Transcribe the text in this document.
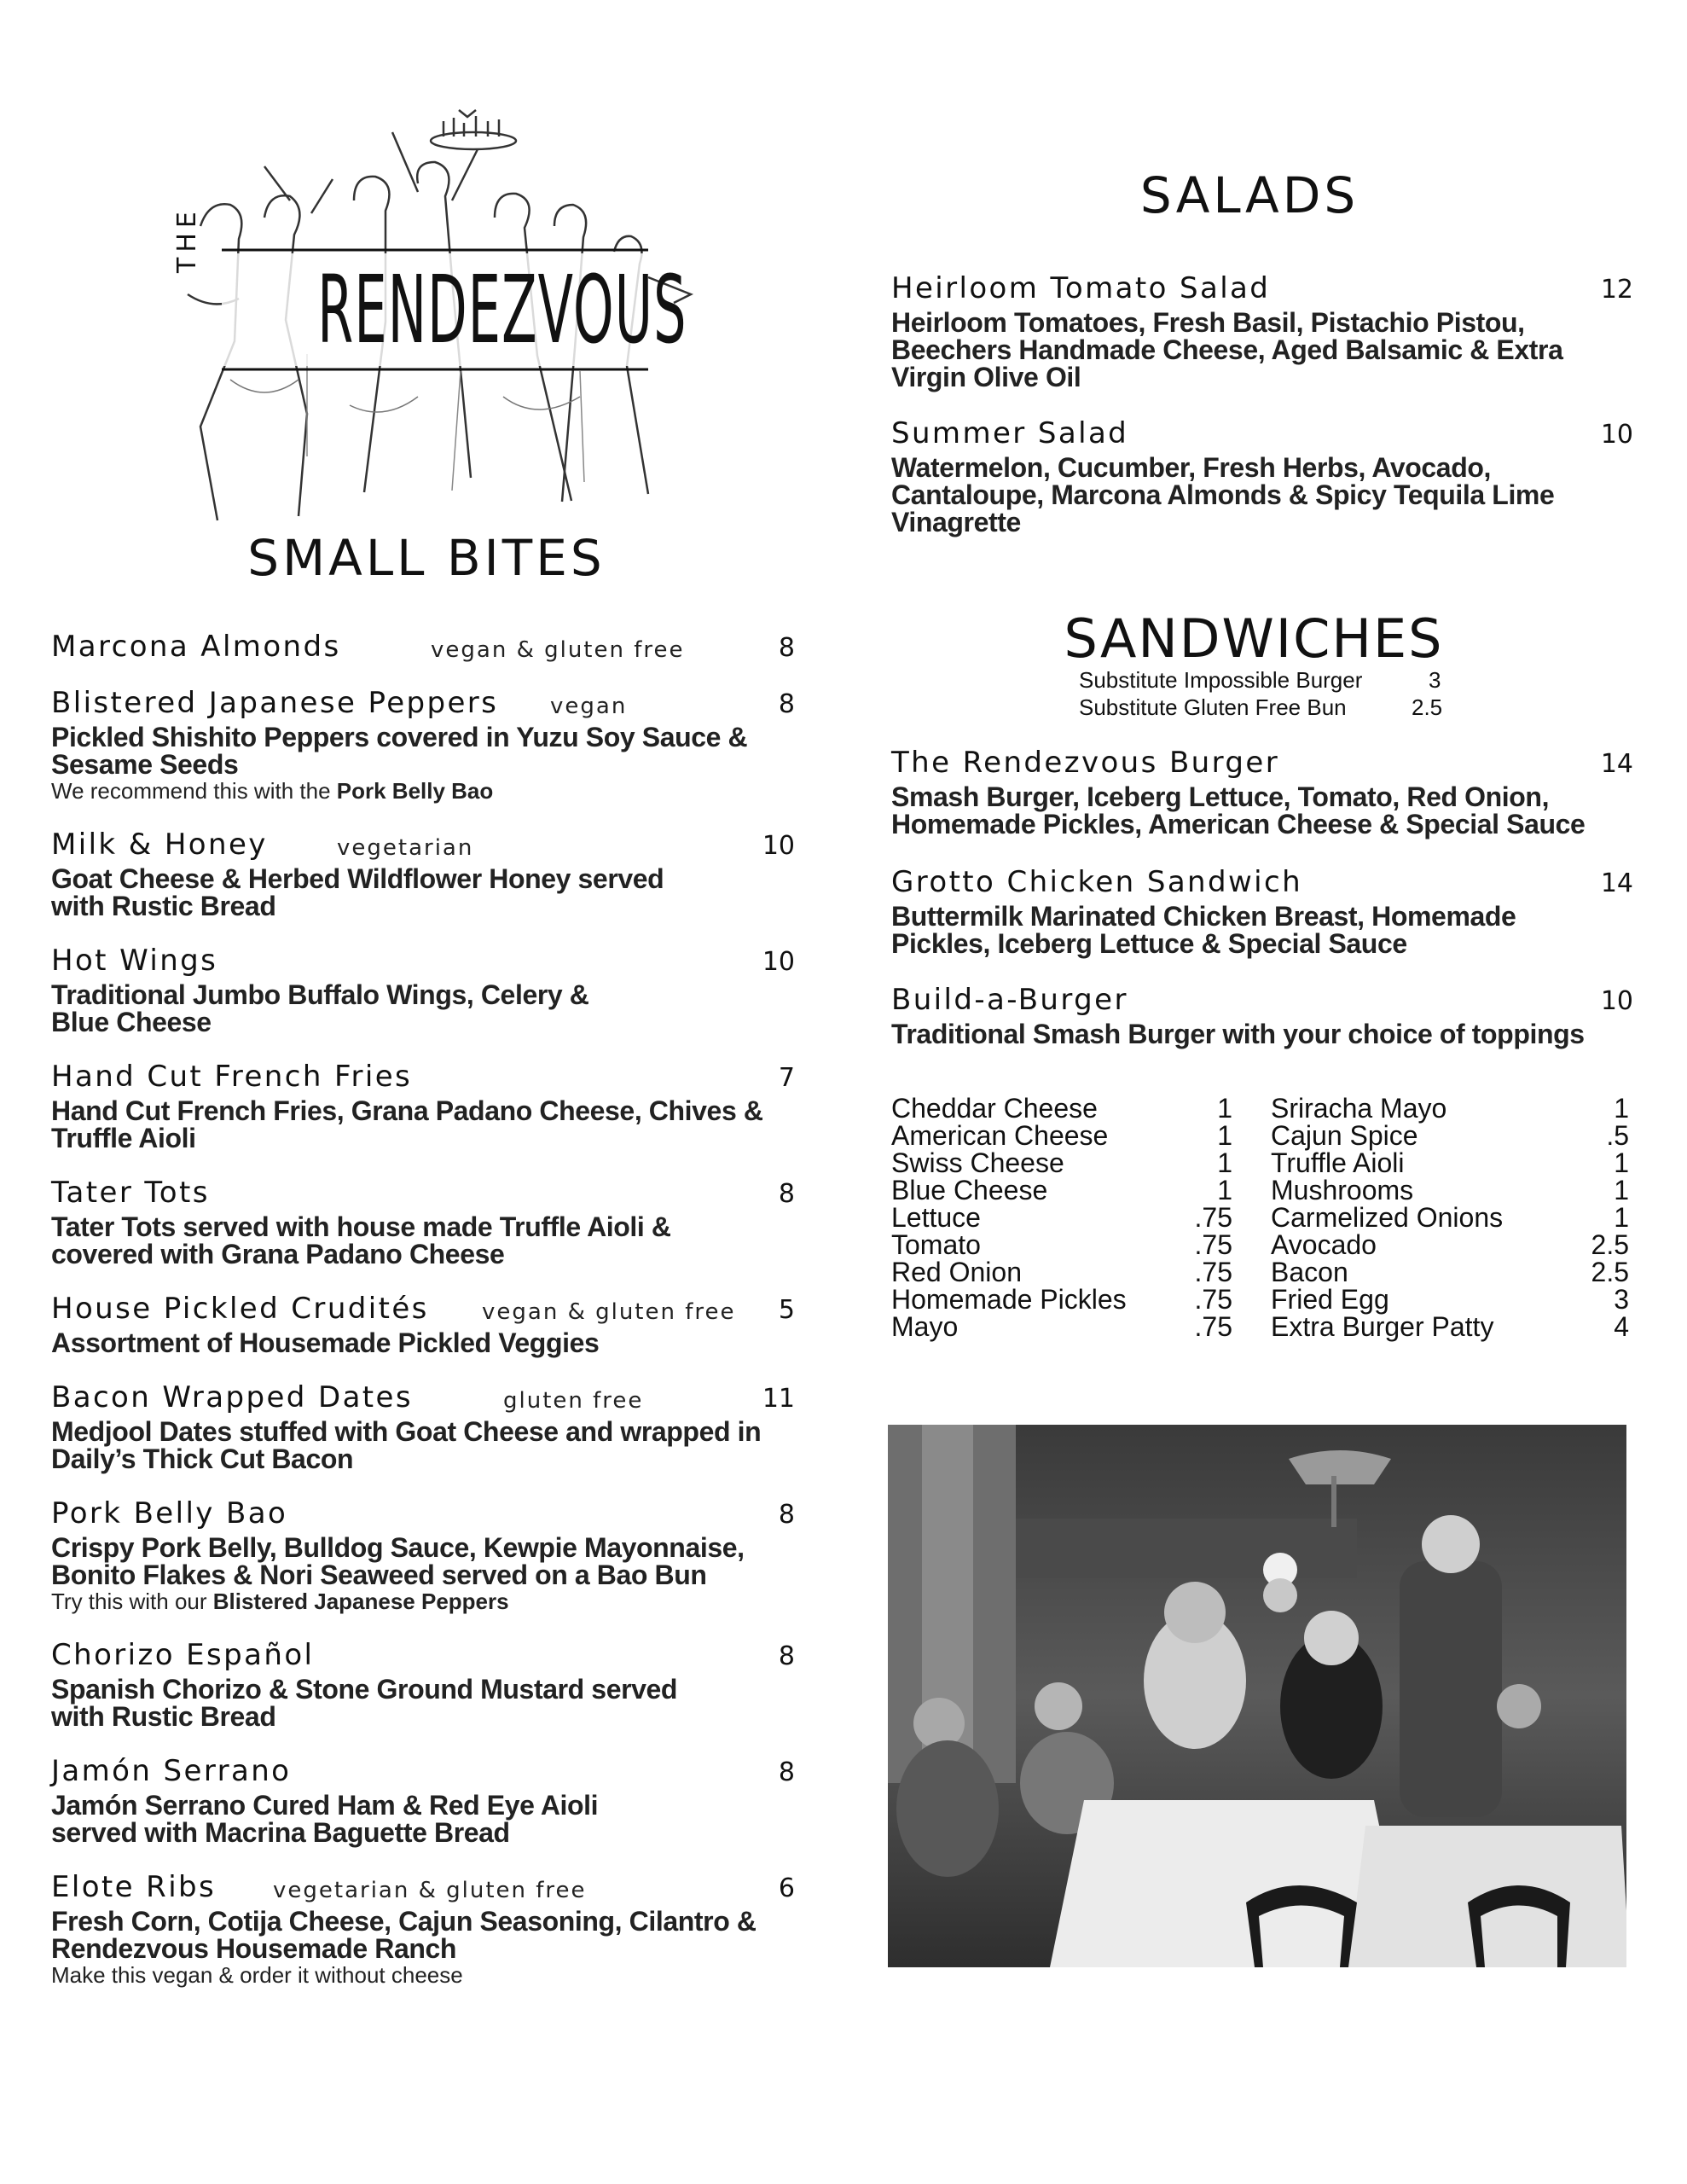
THE
RENDEZVOUS
SMALL BITES
SALADS
SANDWICHES
Substitute Impossible Burger	3
Substitute Gluten Free Bun	2.5
Marcona Almonds	vegan & gluten free	8
Blistered Japanese Peppers vegan	8
Pickled Shishito Peppers covered in Yuzu Soy Sauce & Sesame Seeds
We recommend this with the Pork Belly Bao
Milk & Honey	vegetarian	10
Goat Cheese & Herbed Wildflower Honey served with Rustic Bread
Hot Wings	10
Traditional Jumbo Buffalo Wings, Celery & Blue Cheese
Hand Cut French Fries	7
Hand Cut French Fries, Grana Padano Cheese, Chives & Truffle Aioli
Tater Tots	8
Tater Tots served with house made Truffle Aioli & covered with Grana Padano Cheese
House Pickled Crudités vegan & gluten free 5
Assortment of Housemade Pickled Veggies
Bacon Wrapped Dates	gluten free	11
Medjool Dates stuffed with Goat Cheese and wrapped in Daily’s Thick Cut Bacon
Pork Belly Bao	8
Crispy Pork Belly, Bulldog Sauce, Kewpie Mayonnaise, Bonito Flakes & Nori Seaweed served on a Bao Bun
Try this with our Blistered Japanese Peppers
Chorizo Español	8
Spanish Chorizo & Stone Ground Mustard served with Rustic Bread
Jamón Serrano	8
Jamón Serrano Cured Ham & Red Eye Aioli served with Macrina Baguette Bread
Elote Ribs	vegetarian & gluten free	6
Fresh Corn, Cotija Cheese, Cajun Seasoning, Cilantro & Rendezvous Housemade Ranch
Make this vegan & order it without cheese
Heirloom Tomato Salad	12
Heirloom Tomatoes, Fresh Basil, Pistachio Pistou, Beechers Handmade Cheese, Aged Balsamic & Extra Virgin Olive Oil
Summer Salad	10
Watermelon, Cucumber, Fresh Herbs, Avocado, Cantaloupe, Marcona Almonds & Spicy Tequila Lime Vinagrette
The Rendezvous Burger	14
Smash Burger, Iceberg Lettuce, Tomato, Red Onion, Homemade Pickles, American Cheese & Special Sauce
Grotto Chicken Sandwich	14
Buttermilk Marinated Chicken Breast, Homemade Pickles, Iceberg Lettuce & Special Sauce
Build-a-Burger	10
Traditional Smash Burger with your choice of toppings
Cheddar Cheese	1
American Cheese	1
Swiss Cheese	1
Blue Cheese	1
Lettuce	.75
Tomato	.75
Red Onion	.75
Homemade Pickles .75
Mayo	.75
Sriracha Mayo	1
Cajun Spice	.5
Truffle Aioli	1
Mushrooms	1
Carmelized Onions	1
Avocado	2.5
Bacon	2.5
Fried Egg	3
Extra Burger Patty	4
